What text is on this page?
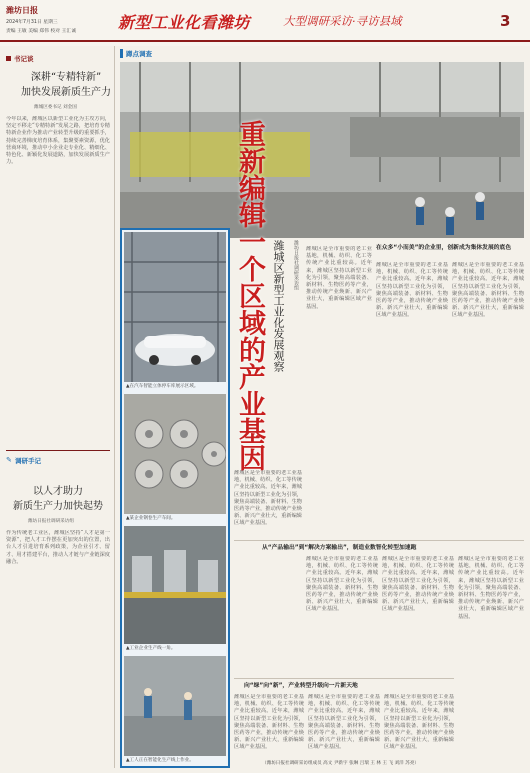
潍坊日报
2024年7月31日 星期三
责编 王敏 美编 郑伟 校对 王汇诚	新型工业化看潍坊	大型调研采访·寻访县域	3
书记谈
深耕“专精特新”
加快发展新质生产力
潍城区委书记 刘金国
今年以来，潍城区以新型工业化为主攻方向，坚定不移走“专精特新”发展之路，把培育专精特新企业作为推动产业转型升级的重要抓手，持续完善梯度培育体系，集聚要素资源，优化营商环境，推动中小企业走专业化、精细化、特色化、新颖化发展道路，加快发展新质生产力。
✎ 调研手记
以人才助力
新质生产力加快起势
潍坊日报社调研采访组
作为传统老工业区，潍城区坚持“人才是第一资源”，把人才工作摆在更加突出的位置，出台人才引进培育系列政策，为企业引才、留才、用才搭建平台，推动人才链与产业链深度融合。
蹲点调查
重新编辑一个区域的产业基因 潍城区新型工业化发展观察	潍坊日报社调研采访组
▲在汽车智能立体停车库展示区域。
▲某企业钢卷生产车间。
▲工业企业生产线一角。
▲工人正在智能化生产线上作业。
潍城区是全市重要的老工业基地，机械、纺织、化工等传统产业比重较高。近年来，潍城区坚持以新型工业化为引领，聚焦高端装备、新材料、生物医药等产业，推动传统产业焕新、新兴产业壮大，重新编辑区域产业基因。
在众多“小而美”的企业里，创新成为集体发展的底色
潍城区是全市重要的老工业基地，机械、纺织、化工等传统产业比重较高。近年来，潍城区坚持以新型工业化为引领，聚焦高端装备、新材料、生物医药等产业，推动传统产业焕新、新兴产业壮大，重新编辑区域产业基因。
潍城区是全市重要的老工业基地，机械、纺织、化工等传统产业比重较高。近年来，潍城区坚持以新型工业化为引领，聚焦高端装备、新材料、生物医药等产业，推动传统产业焕新、新兴产业壮大，重新编辑区域产业基因。
潍城区是全市重要的老工业基地，机械、纺织、化工等传统产业比重较高。近年来，潍城区坚持以新型工业化为引领，聚焦高端装备、新材料、生物医药等产业，推动传统产业焕新、新兴产业壮大，重新编辑区域产业基因。
从“产品输出”到“解决方案输出”，制造业数智化转型加速跑
潍城区是全市重要的老工业基地，机械、纺织、化工等传统产业比重较高。近年来，潍城区坚持以新型工业化为引领，聚焦高端装备、新材料、生物医药等产业，推动传统产业焕新、新兴产业壮大，重新编辑区域产业基因。
潍城区是全市重要的老工业基地，机械、纺织、化工等传统产业比重较高。近年来，潍城区坚持以新型工业化为引领，聚焦高端装备、新材料、生物医药等产业，推动传统产业焕新、新兴产业壮大，重新编辑区域产业基因。
潍城区是全市重要的老工业基地，机械、纺织、化工等传统产业比重较高。近年来，潍城区坚持以新型工业化为引领，聚焦高端装备、新材料、生物医药等产业，推动传统产业焕新、新兴产业壮大，重新编辑区域产业基因。
向“绿”向“新”，产业转型升级向一片新天地
潍城区是全市重要的老工业基地，机械、纺织、化工等传统产业比重较高。近年来，潍城区坚持以新型工业化为引领，聚焦高端装备、新材料、生物医药等产业，推动传统产业焕新、新兴产业壮大，重新编辑区域产业基因。
潍城区是全市重要的老工业基地，机械、纺织、化工等传统产业比重较高。近年来，潍城区坚持以新型工业化为引领，聚焦高端装备、新材料、生物医药等产业，推动传统产业焕新、新兴产业壮大，重新编辑区域产业基因。
潍城区是全市重要的老工业基地，机械、纺织、化工等传统产业比重较高。近年来，潍城区坚持以新型工业化为引领，聚焦高端装备、新材料、生物医药等产业，推动传统产业焕新、新兴产业壮大，重新编辑区域产业基因。
（潍坊日报社调研采访组成员 高文 尹新宇 张琳 吕瑞 王 林 王 飞 刘洋 苏亮）
